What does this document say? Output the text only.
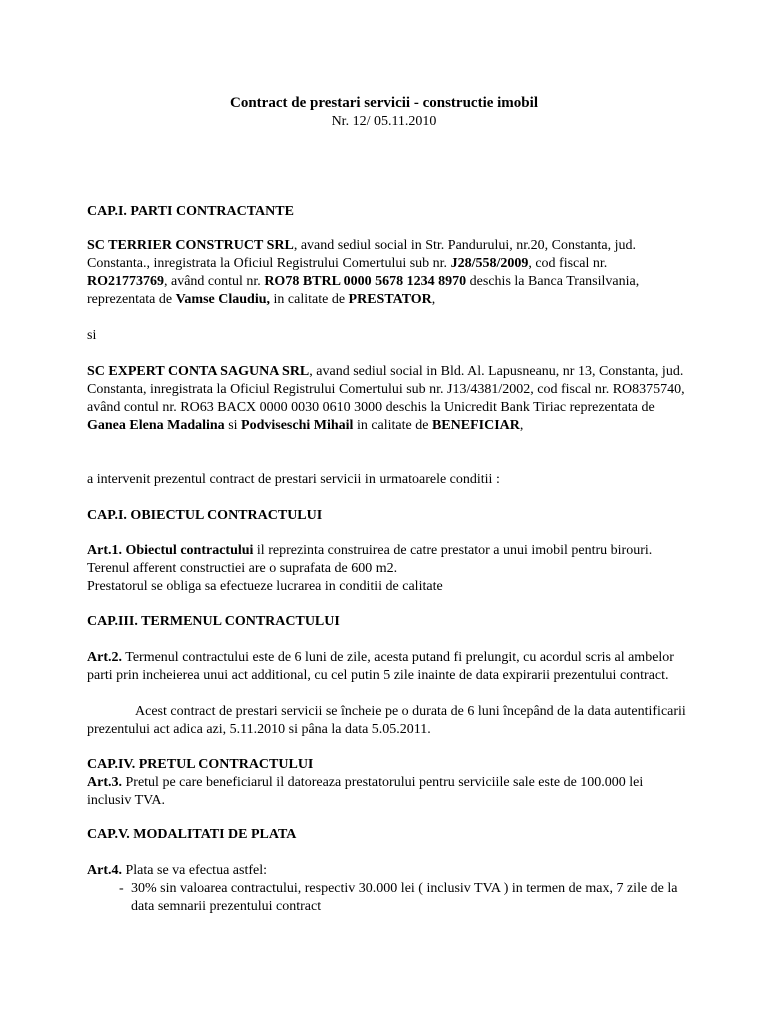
Contract de prestari servicii - constructie imobil
Nr. 12/ 05.11.2010

CAP.I. PARTI CONTRACTANTE

SC TERRIER CONSTRUCT SRL, avand sediul social in Str. Pandurului, nr.20, Constanta, jud. Constanta., inregistrata la Oficiul Registrului Comertului sub nr. J28/558/2009, cod fiscal nr. RO21773769, având contul nr. RO78 BTRL 0000 5678 1234 8970 deschis la Banca Transilvania, reprezentata de Vamse Claudiu, in calitate de PRESTATOR,

si

SC EXPERT CONTA SAGUNA SRL, avand sediul social in Bld. Al. Lapusneanu, nr 13, Constanta, jud. Constanta, inregistrata la Oficiul Registrului Comertului sub nr. J13/4381/2002, cod fiscal nr. RO8375740, având contul nr. RO63 BACX 0000 0030 0610 3000 deschis la Unicredit Bank Tiriac reprezentata de Ganea Elena Madalina si Podviseschi Mihail in calitate de BENEFICIAR,

a intervenit prezentul contract de prestari servicii in urmatoarele conditii :

CAP.I. OBIECTUL CONTRACTULUI

Art.1. Obiectul contractului il reprezinta construirea de catre prestator a unui imobil pentru birouri. Terenul afferent constructiei are o suprafata de 600 m2.
Prestatorul se obliga sa efectueze lucrarea in conditii de calitate

CAP.III. TERMENUL CONTRACTULUI

Art.2. Termenul contractului este de 6 luni de zile, acesta putand fi prelungit, cu acordul scris al ambelor parti prin incheierea unui act additional, cu cel putin 5 zile inainte de data expirarii prezentului contract.

Acest contract de prestari servicii se încheie pe o durata de 6 luni începând de la data autentificarii prezentului act adica azi, 5.11.2010 si pâna la data 5.05.2011.

CAP.IV. PRETUL CONTRACTULUI

Art.3. Pretul pe care beneficiarul il datoreaza prestatorului pentru serviciile sale este de 100.000 lei inclusiv TVA.

CAP.V. MODALITATI DE PLATA

Art.4. Plata se va efectua astfel:

- 30% sin valoarea contractului, respectiv 30.000 lei ( inclusiv TVA ) in termen de max, 7 zile de la data semnarii prezentului contract
